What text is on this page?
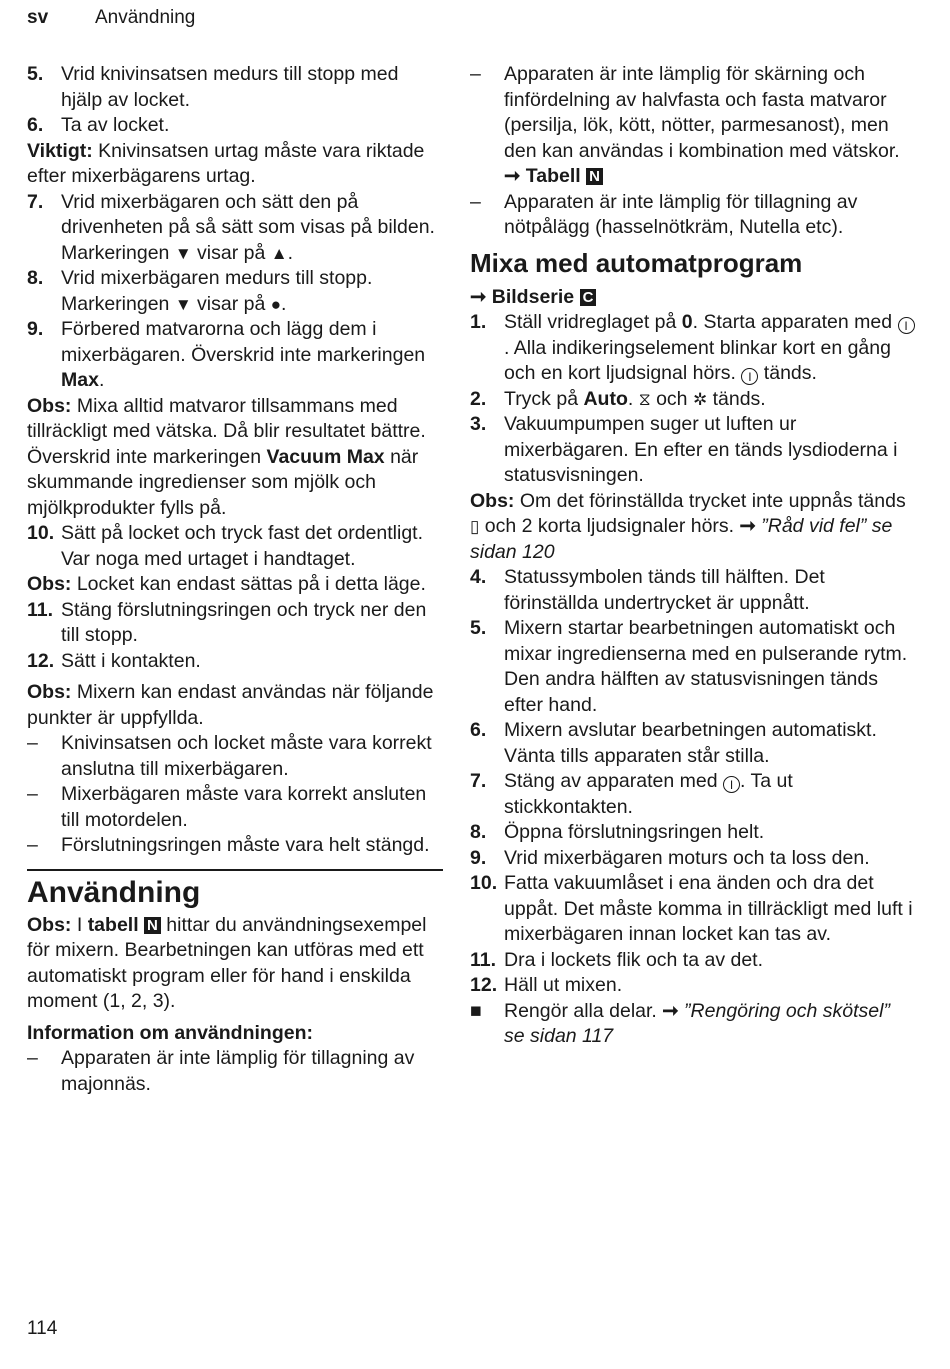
sv Användning
5. Vrid knivinsatsen medurs till stopp med hjälp av locket.
6. Ta av locket.
Viktigt: Knivinsatsen urtag måste vara riktade efter mixerbägarens urtag.
7. Vrid mixerbägaren och sätt den på drivenheten på så sätt som visas på bilden. Markeringen ▼ visar på ▲.
8. Vrid mixerbägaren medurs till stopp. Markeringen ▼ visar på ●.
9. Förbered matvarorna och lägg dem i mixerbägaren. Överskrid inte markeringen Max.
Obs: Mixa alltid matvaror tillsammans med tillräckligt med vätska. Då blir resultatet bättre. Överskrid inte markeringen Vacuum Max när skummande ingredienser som mjölk och mjölkprodukter fylls på.
10. Sätt på locket och tryck fast det ordentligt. Var noga med urtaget i handtaget.
Obs: Locket kan endast sättas på i detta läge.
11. Stäng förslutningsringen och tryck ner den till stopp.
12. Sätt i kontakten.
Obs: Mixern kan endast användas när följande punkter är uppfyllda.
– Knivinsatsen och locket måste vara korrekt anslutna till mixerbägaren.
– Mixerbägaren måste vara korrekt ansluten till motordelen.
– Förslutningsringen måste vara helt stängd.
Användning
Obs: I tabell N hittar du användningsexempel för mixern. Bearbetningen kan utföras med ett automatiskt program eller för hand i enskilda moment (1, 2, 3).
Information om användningen:
– Apparaten är inte lämplig för tillagning av majonnäs.
– Apparaten är inte lämplig för skärning och finfördelning av halvfasta och fasta matvaror (persilja, lök, kött, nötter, parmesanost), men den kan användas i kombination med vätskor. ➞ Tabell N
– Apparaten är inte lämplig för tillagning av nötpålägg (hasselnötkräm, Nutella etc).
Mixa med automatprogram
➞ Bildserie C
1. Ställ vridreglaget på 0. Starta apparaten med I. Alla indikeringselement blinkar kort en gång och en kort ljudsignal hörs. I tänds.
2. Tryck på Auto. ⧖ och ✲ tänds.
3. Vakuumpumpen suger ut luften ur mixerbägaren. En efter en tänds lysdioderna i statusvisningen.
Obs: Om det förinställda trycket inte uppnås tänds ▯ och 2 korta ljudsignaler hörs. ➞ ”Råd vid fel” se sidan 120
4. Statussymbolen tänds till hälften. Det förinställda undertrycket är uppnått.
5. Mixern startar bearbetningen automatiskt och mixar ingredienserna med en pulserande rytm. Den andra hälften av statusvisningen tänds efter hand.
6. Mixern avslutar bearbetningen automatiskt. Vänta tills apparaten står stilla.
7. Stäng av apparaten med I . Ta ut stickkontakten.
8. Öppna förslutningsringen helt.
9. Vrid mixerbägaren moturs och ta loss den.
10. Fatta vakuumlåset i ena änden och dra det uppåt. Det måste komma in tillräckligt med luft i mixerbägaren innan locket kan tas av.
11. Dra i lockets flik och ta av det.
12. Häll ut mixen.
■ Rengör alla delar. ➞ ”Rengöring och skötsel” se sidan 117
114
